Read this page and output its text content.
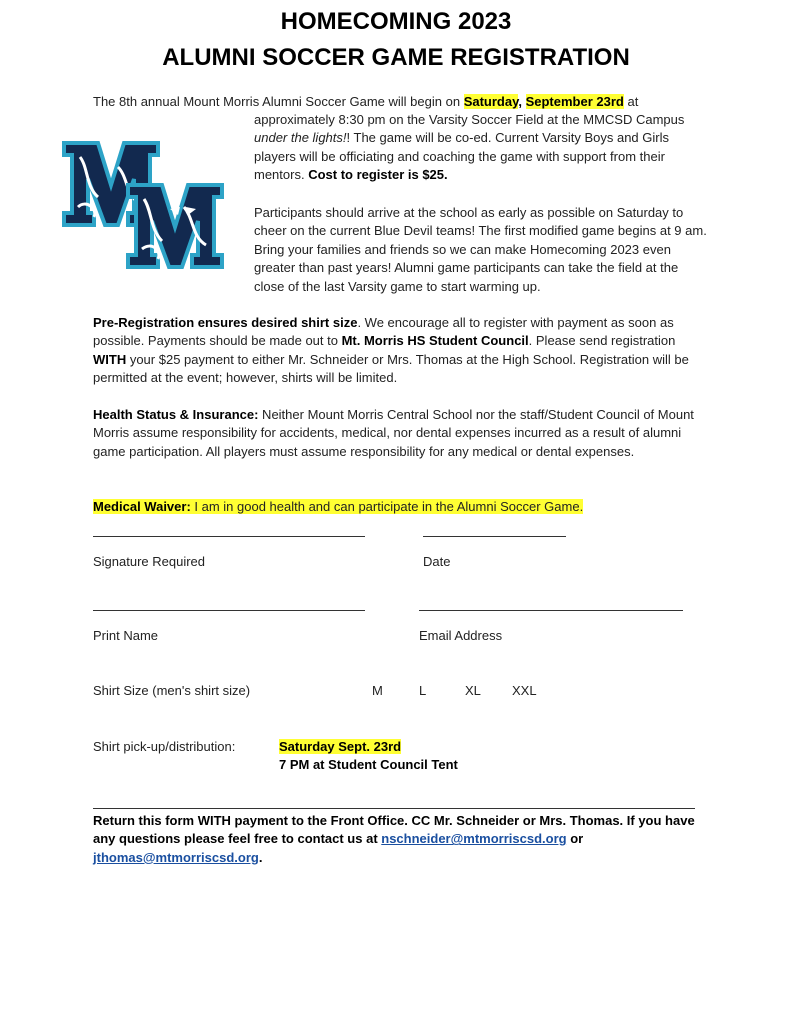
HOMECOMING 2023
ALUMNI SOCCER GAME REGISTRATION

The 8th annual Mount Morris Alumni Soccer Game will begin on Saturday, September 23rd at

approximately 8:30 pm on the Varsity Soccer Field at the MMCSD Campus under the lights!! The game will be co-ed. Current Varsity Boys and Girls players will be officiating and coaching the game with support from their mentors. Cost to register is $25.

Participants should arrive at the school as early as possible on Saturday to cheer on the current Blue Devil teams! The first modified game begins at 9 am. Bring your families and friends so we can make Homecoming 2023 even greater than past years! Alumni game participants can take the field at the close of the last Varsity game to start warming up.

Pre-Registration ensures desired shirt size. We encourage all to register with payment as soon as possible. Payments should be made out to Mt. Morris HS Student Council. Please send registration WITH your $25 payment to either Mr. Schneider or Mrs. Thomas at the High School. Registration will be permitted at the event; however, shirts will be limited.

Health Status & Insurance: Neither Mount Morris Central School nor the staff/Student Council of Mount Morris assume responsibility for accidents, medical, nor dental expenses incurred as a result of alumni game participation. All players must assume responsibility for any medical or dental expenses.

Medical Waiver: I am in good health and can participate in the Alumni Soccer Game.

Signature Required	Date
Print Name	Email Address
Shirt Size (men's shirt size)	M	L	XL XXL
Shirt pick-up/distribution:	Saturday Sept. 23rd
7 PM at Student Council Tent

Return this form WITH payment to the Front Office. CC Mr. Schneider or Mrs. Thomas. If you have any questions please feel free to contact us at nschneider@mtmorriscsd.org or jthomas@mtmorriscsd.org.
